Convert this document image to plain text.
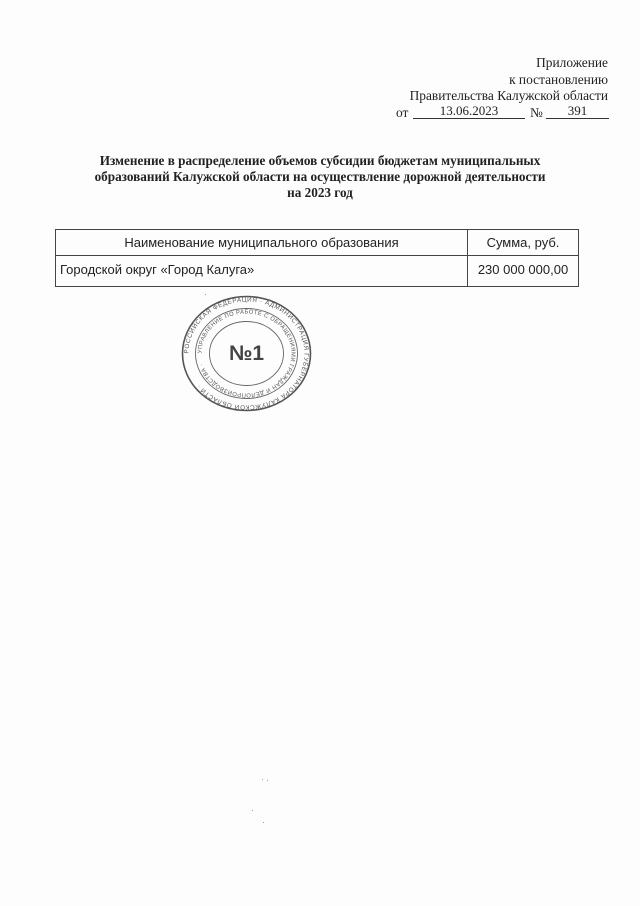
Приложение
к постановлению
Правительства Калужской области
от	13.06.2023	№	391
Изменение в распределение объемов субсидии бюджетам муниципальных
образований Калужской области на осуществление дорожной деятельности
на 2023 год
Наименование муниципального образования	Сумма, руб.
Городской округ «Город Калуга»	230 000 000,00
РОССИЙСКАЯ ФЕДЕРАЦИЯ · АДМИНИСТРАЦИЯ ГУБЕРНАТОРА КАЛУЖСКОЙ ОБЛАСТИ ·
УПРАВЛЕНИЕ ПО РАБОТЕ С ОБРАЩЕНИЯМИ ГРАЖДАН И ДЕЛОПРОИЗВОДСТВА ·	№1
